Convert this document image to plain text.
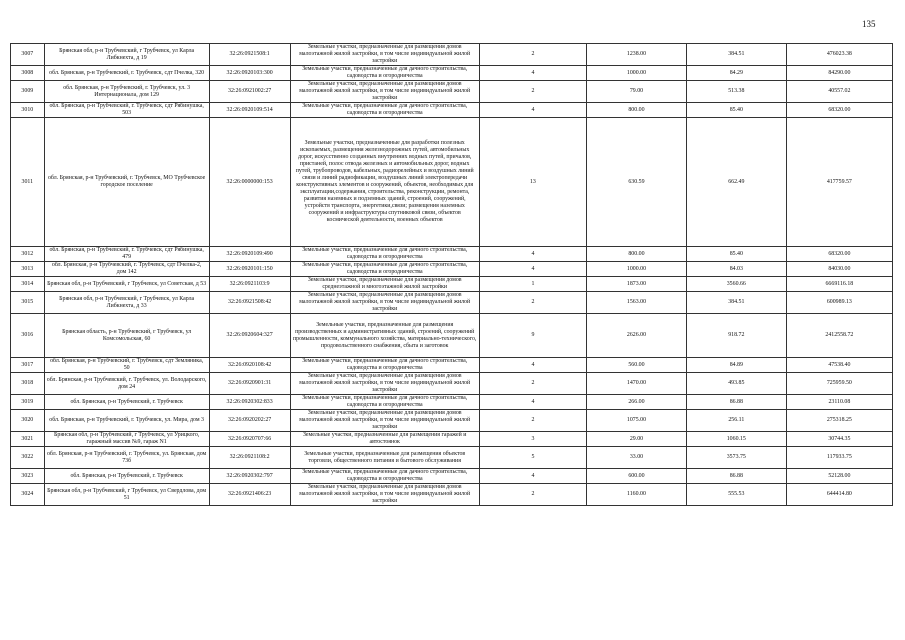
135
3007	Брянская обл, р-н Трубчевский, г Трубчевск, ул Карла Либкнехта, д 19	32:26:0921508:1	Земельные участки, предназначенные для размещения домов малоэтажной жилой застройки, в том числе индивидуальной жилой застройки	2	1238.00	384.51	476023.38
3008	обл. Брянская, р-н Трубчевский, г. Трубчевск, сдт Пчелка, 320	32:26:0920103:300	Земельные участки, предназначенные для дачного строительства, садоводства и огородничества	4	1000.00	84.29	84290.00
3009	обл. Брянская, р-н Трубчевский, г. Трубчевск, ул. 3 Интернационала, дом 129	32:26:0921002:27	Земельные участки, предназначенные для размещения домов малоэтажной жилой застройки, в том числе индивидуальной жилой застройки	2	79.00	513.38	40557.02
3010	обл. Брянская, р-н Трубчевский, г. Трубчевск, сдт Рябинушка, 503	32:26:0920109:514	Земельные участки, предназначенные для дачного строительства, садоводства и огородничества	4	800.00	85.40	68320.00
3011	обл. Брянская, р-н Трубчевский, г. Трубчевск, МО Трубчевское городское поселение	32:26:0000000:153	Земельные участки, предназначенные для разработки полезных ископаемых, размещения железнодорожных путей, автомобильных дорог, искусственно созданных внутренних водных путей, причалов, пристаней, полос отвода железных и автомобильных дорог, водных путей, трубопроводов, кабельных, радиорелейных и воздушных линий связи и линий радиофикации, воздушных линий электропередачи конструктивных элементов и сооружений, объектов, необходимых для эксплуатации,содержания, строительства, реконструкции, ремонта, развития наземных и подземных зданий, строений, сооружений, устройств транспорта, энергетики,связи; размещения наземных сооружений и инфраструктуры спутниковой связи, объектов космической деятельности, военных объектов	13	630.59	662.49	417759.57
3012	обл. Брянская, р-н Трубчевский, г. Трубчевск, сдт Рябинушка, 479	32:26:0920109:490	Земельные участки, предназначенные для дачного строительства, садоводства и огородничества	4	800.00	85.40	68320.00
3013	обл. Брянская, р-н Трубчевский, г. Трубчевск, сдт Пчелка-2, дом 142	32:26:0920101:150	Земельные участки, предназначенные для дачного строительства, садоводства и огородничества	4	1000.00	84.03	84030.00
3014	Брянская обл, р-н Трубчевский, г Трубчевск, ул Советская, д 53	32:26:0921103:9	Земельные участки, предназначенные для размещения домов среднеэтажной и многоэтажной жилой застройки	1	1873.00	3560.66	6669116.18
3015	Брянская обл, р-н Трубчевский, г Трубчевск, ул Карла Либкнехта, д 33	32:26:0921508:42	Земельные участки, предназначенные для размещения домов малоэтажной жилой застройки, в том числе индивидуальной жилой застройки	2	1563.00	384.51	600989.13
3016	Брянская область, р-н Трубчевский, г Трубчевск, ул Комсомольская, 60	32:26:0920604:327	Земельные участки, предназначенные для размещения производственных и административных зданий, строений, сооружений промышленности, коммунального хозяйства, материально-технического, продовольственного снабжения, сбыта и заготовок	9	2626.00	918.72	2412558.72
3017	обл. Брянская, р-н Трубчевский, г. Трубчевск, сдт Земляника, 50	32:26:0920108:42	Земельные участки, предназначенные для дачного строительства, садоводства и огородничества	4	560.00	84.89	47538.40
3018	обл. Брянская, р-н Трубчевский, г. Трубчевск, ул. Володарского, дом 24	32:26:0920901:31	Земельные участки, предназначенные для размещения домов малоэтажной жилой застройки, в том числе индивидуальной жилой застройки	2	1470.00	493.85	725959.50
3019	обл. Брянская, р-н Трубчевский, г. Трубчевск	32:26:0920302:833	Земельные участки, предназначенные для дачного строительства, садоводства и огородничества	4	266.00	86.88	23110.08
3020	обл. Брянская, р-н Трубчевский, г. Трубчевск, ул. Мира, дом 3	32:26:0920202:27	Земельные участки, предназначенные для размещения домов малоэтажной жилой застройки, в том числе индивидуальной жилой застройки	2	1075.00	256.11	275318.25
3021	Брянская обл, р-н Трубчевский, г Трубчевск, ул Урицкого, гаражный массив №9, гараж N1	32:26:0920707:66	Земельные участки, предназначенные для размещения гаражей и автостоянок	3	29.00	1060.15	30744.35
3022	обл. Брянская, р-н Трубчевский, г. Трубчевск, ул. Брянская, дом 73б	32:26:0921108:2	Земельные участки, предназначенные для размещения объектов торговли, общественного питания и бытового обслуживания	5	33.00	3573.75	117933.75
3023	обл. Брянская, р-н Трубчевский, г. Трубчевск	32:26:0920302:797	Земельные участки, предназначенные для дачного строительства, садоводства и огородничества	4	600.00	86.88	52128.00
3024	Брянская обл, р-н Трубчевский, г Трубчевск, ул Свердлова, дом 51	32:26:0921406:23	Земельные участки, предназначенные для размещения домов малоэтажной жилой застройки, в том числе индивидуальной жилой застройки	2	1160.00	555.53	644414.80
